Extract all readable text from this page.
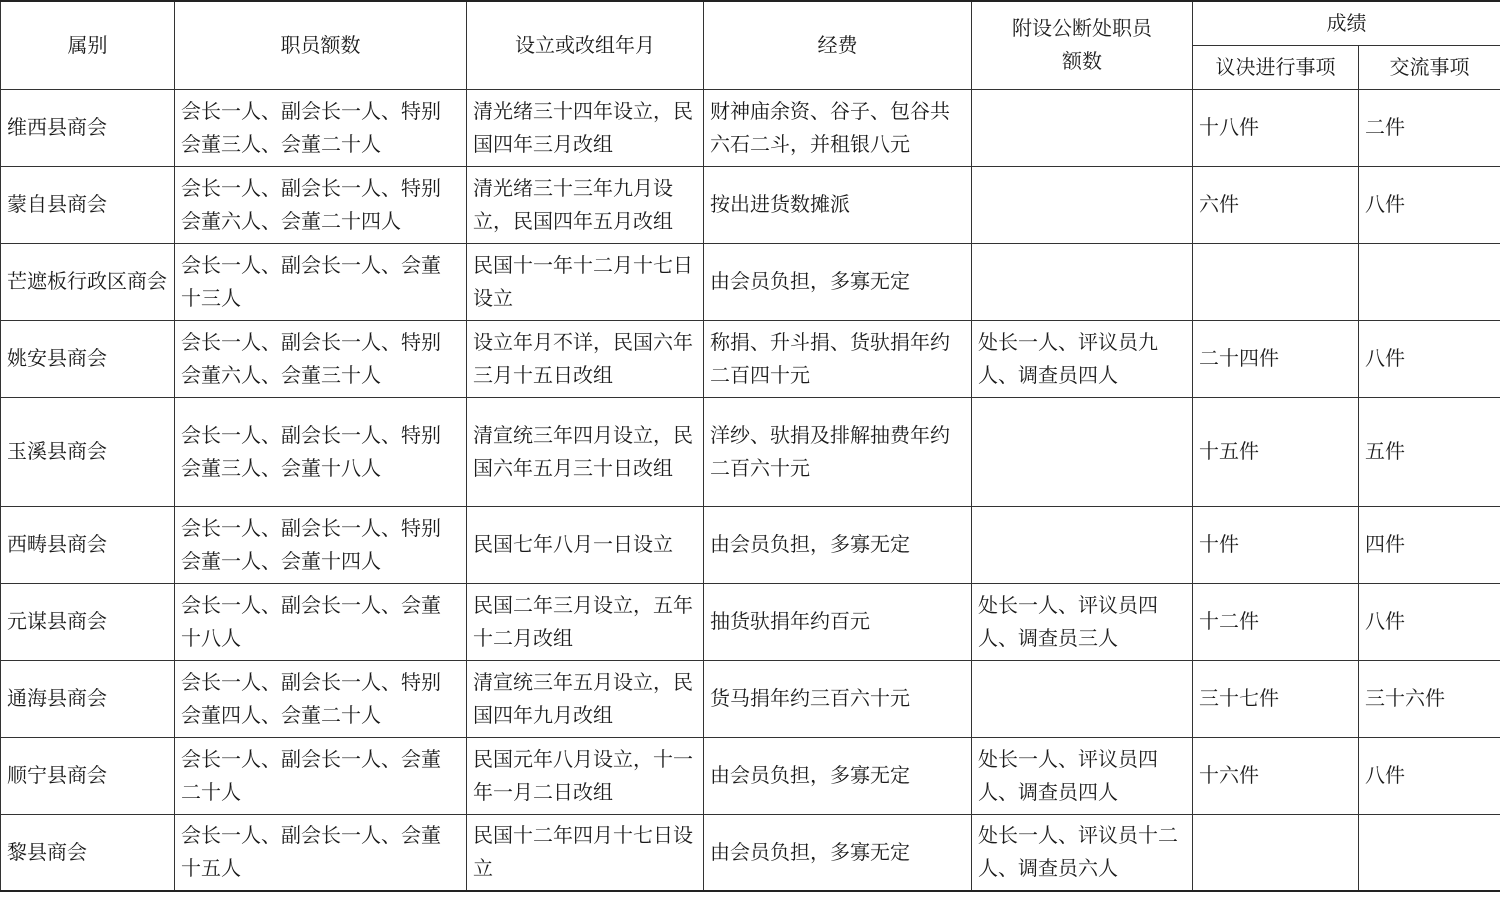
属别	职员额数	设立或改组年月	经费	附设公断处职员额数	成绩	
					议决进行事项	交流事项
维西县商会	会长一人、副会长一人、特别会董三人、会董二十人	清光绪三十四年设立，民国四年三月改组	财神庙余资、谷子、包谷共六石二斗，并租银八元		十八件	二件
蒙自县商会	会长一人、副会长一人、特别会董六人、会董二十四人	清光绪三十三年九月设立，民国四年五月改组	按出进货数摊派		六件	八件
芒遮板行政区商会	会长一人、副会长一人、会董十三人	民国十一年十二月十七日设立	由会员负担，多寡无定			
姚安县商会	会长一人、副会长一人、特别会董六人、会董三十人	设立年月不详，民国六年三月十五日改组	称捐、升斗捐、货驮捐年约二百四十元	处长一人、评议员九人、调查员四人	二十四件	八件
玉溪县商会	会长一人、副会长一人、特别会董三人、会董十八人	清宣统三年四月设立，民国六年五月三十日改组	洋纱、驮捐及排解抽费年约二百六十元		十五件	五件
西畴县商会	会长一人、副会长一人、特别会董一人、会董十四人	民国七年八月一日设立	由会员负担，多寡无定		十件	四件
元谋县商会	会长一人、副会长一人、会董十八人	民国二年三月设立，五年十二月改组	抽货驮捐年约百元	处长一人、评议员四人、调查员三人	十二件	八件
通海县商会	会长一人、副会长一人、特别会董四人、会董二十人	清宣统三年五月设立，民国四年九月改组	货马捐年约三百六十元		三十七件	三十六件
顺宁县商会	会长一人、副会长一人、会董二十人	民国元年八月设立，十一年一月二日改组	由会员负担，多寡无定	处长一人、评议员四人、调查员四人	十六件	八件
黎县商会	会长一人、副会长一人、会董十五人	民国十二年四月十七日设立	由会员负担，多寡无定	处长一人、评议员十二人、调查员六人		
